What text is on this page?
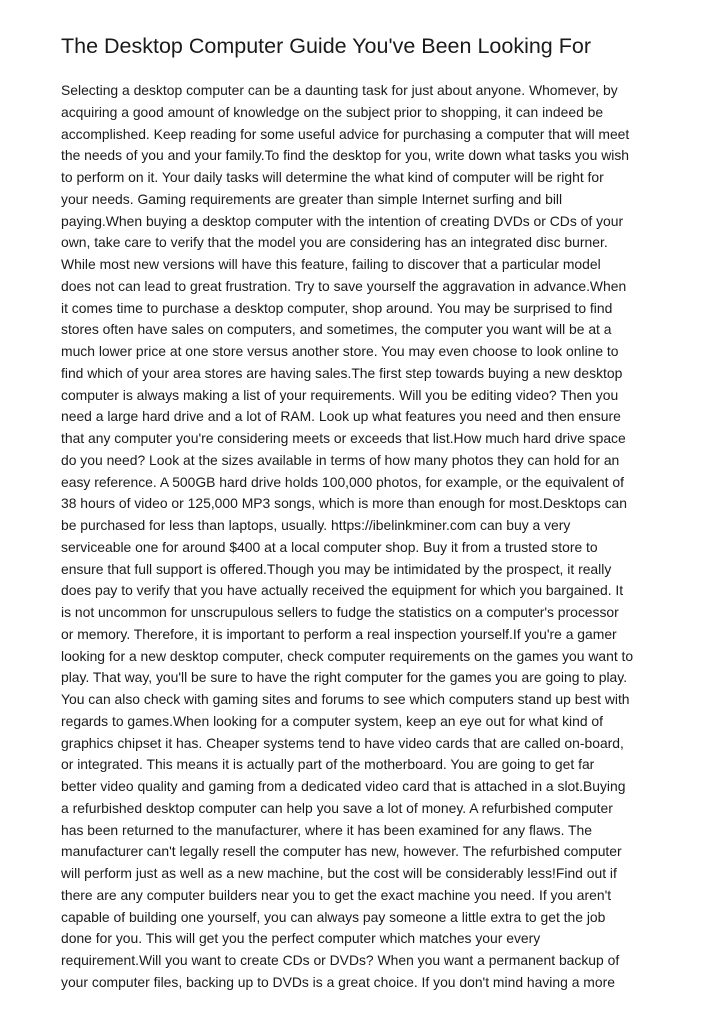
The Desktop Computer Guide You've Been Looking For
Selecting a desktop computer can be a daunting task for just about anyone. Whomever, by
acquiring a good amount of knowledge on the subject prior to shopping, it can indeed be
accomplished. Keep reading for some useful advice for purchasing a computer that will meet
the needs of you and your family.To find the desktop for you, write down what tasks you wish
to perform on it. Your daily tasks will determine the what kind of computer will be right for
your needs. Gaming requirements are greater than simple Internet surfing and bill
paying.When buying a desktop computer with the intention of creating DVDs or CDs of your
own, take care to verify that the model you are considering has an integrated disc burner.
While most new versions will have this feature, failing to discover that a particular model
does not can lead to great frustration. Try to save yourself the aggravation in advance.When
it comes time to purchase a desktop computer, shop around. You may be surprised to find
stores often have sales on computers, and sometimes, the computer you want will be at a
much lower price at one store versus another store. You may even choose to look online to
find which of your area stores are having sales.The first step towards buying a new desktop
computer is always making a list of your requirements. Will you be editing video? Then you
need a large hard drive and a lot of RAM. Look up what features you need and then ensure
that any computer you're considering meets or exceeds that list.How much hard drive space
do you need? Look at the sizes available in terms of how many photos they can hold for an
easy reference. A 500GB hard drive holds 100,000 photos, for example, or the equivalent of
38 hours of video or 125,000 MP3 songs, which is more than enough for most.Desktops can
be purchased for less than laptops, usually. https://ibelinkminer.com can buy a very
serviceable one for around $400 at a local computer shop. Buy it from a trusted store to
ensure that full support is offered.Though you may be intimidated by the prospect, it really
does pay to verify that you have actually received the equipment for which you bargained. It
is not uncommon for unscrupulous sellers to fudge the statistics on a computer's processor
or memory. Therefore, it is important to perform a real inspection yourself.If you're a gamer
looking for a new desktop computer, check computer requirements on the games you want to
play. That way, you'll be sure to have the right computer for the games you are going to play.
You can also check with gaming sites and forums to see which computers stand up best with
regards to games.When looking for a computer system, keep an eye out for what kind of
graphics chipset it has. Cheaper systems tend to have video cards that are called on-board,
or integrated. This means it is actually part of the motherboard. You are going to get far
better video quality and gaming from a dedicated video card that is attached in a slot.Buying
a refurbished desktop computer can help you save a lot of money. A refurbished computer
has been returned to the manufacturer, where it has been examined for any flaws. The
manufacturer can't legally resell the computer has new, however. The refurbished computer
will perform just as well as a new machine, but the cost will be considerably less!Find out if
there are any computer builders near you to get the exact machine you need. If you aren't
capable of building one yourself, you can always pay someone a little extra to get the job
done for you. This will get you the perfect computer which matches your every
requirement.Will you want to create CDs or DVDs? When you want a permanent backup of
your computer files, backing up to DVDs is a great choice. If you don't mind having a more
